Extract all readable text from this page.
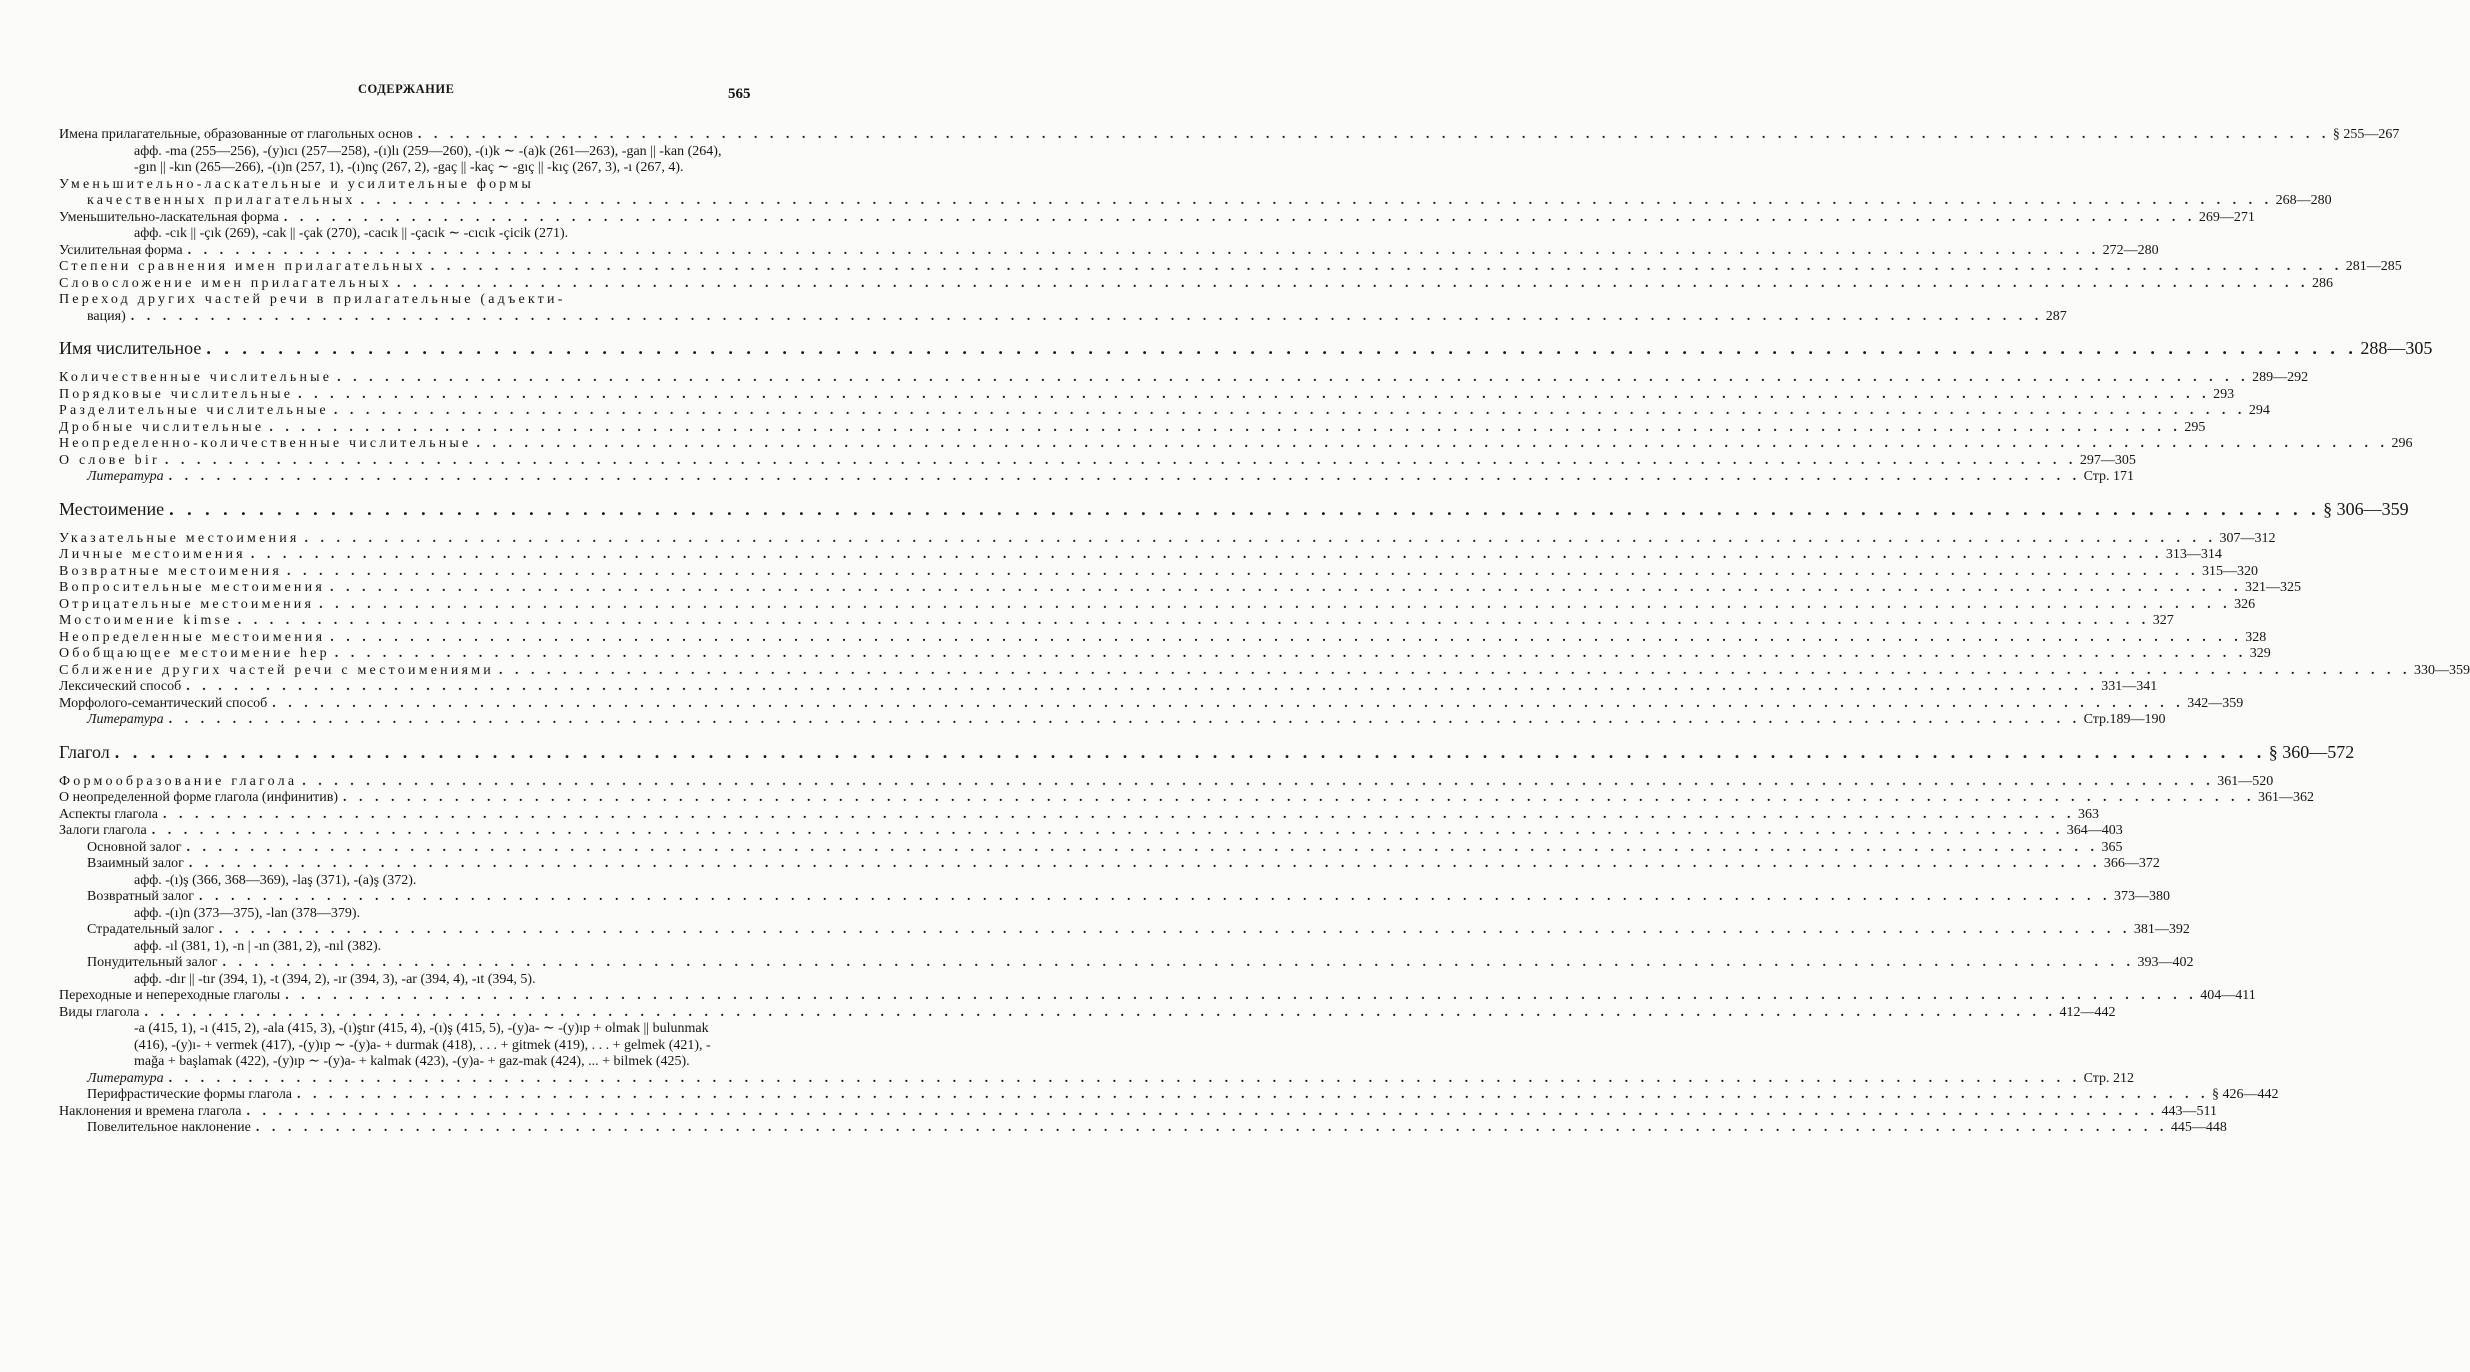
СОДЕРЖАНИЕ	565
Имена прилагательные, образованные от глагольных основ . . . . . . . . . . . . . . . . . . . . . . . . . . . . . . . . . . . . . . . . . . . . . . . . . . . . . . . . . . . . . . . . . . . . . . . . . . . . . . . . . . . . . . . . . . . . . . . . . . . . . . . . . . . . . . . . . . . . . . . . § 255—267
афф. -ma (255—256), -(y)ıcı (257—258), -(ı)lı (259—260), -(ı)k ∼ -(a)k (261—263), -gan || -kan (264), -gın || -kın (265—266), -(ı)n (257, 1), -(ı)nç (267, 2), -gaç || -kaç ∼ -gıç || -kıç (267, 3), -ı (267, 4).
Уменьшительно-ласкательные и усилительные формы
качественных прилагательных . . . . . . . . . . . . . . . . . . . . . . . . . . . . . . . . . . . . . . . . . . . . . . . . . . . . . . . . . . . . . . . . . . . . . . . . . . . . . . . . . . . . . . . . . . . . . . . . . . . . . . . . . . . . . . . . . . . . . . . . 268—280
Уменьшительно-ласкательная форма . . . . . . . . . . . . . . . . . . . . . . . . . . . . . . . . . . . . . . . . . . . . . . . . . . . . . . . . . . . . . . . . . . . . . . . . . . . . . . . . . . . . . . . . . . . . . . . . . . . . . . . . . . . . . . . . . . . . . . . . 269—271
афф. -cık || -çık (269), -cak || -çak (270), -cacık || -çacık ∼ -cıcık -çicik (271).
Усилительная форма . . . . . . . . . . . . . . . . . . . . . . . . . . . . . . . . . . . . . . . . . . . . . . . . . . . . . . . . . . . . . . . . . . . . . . . . . . . . . . . . . . . . . . . . . . . . . . . . . . . . . . . . . . . . . . . . . . . . . . . . 272—280
Степени сравнения имен прилагательных . . . . . . . . . . . . . . . . . . . . . . . . . . . . . . . . . . . . . . . . . . . . . . . . . . . . . . . . . . . . . . . . . . . . . . . . . . . . . . . . . . . . . . . . . . . . . . . . . . . . . . . . . . . . . . . . . . . . . . . . 281—285
Словосложение имен прилагательных . . . . . . . . . . . . . . . . . . . . . . . . . . . . . . . . . . . . . . . . . . . . . . . . . . . . . . . . . . . . . . . . . . . . . . . . . . . . . . . . . . . . . . . . . . . . . . . . . . . . . . . . . . . . . . . . . . . . . . . . 286
Переход других частей речи в прилагательные (адъекти-
вация) . . . . . . . . . . . . . . . . . . . . . . . . . . . . . . . . . . . . . . . . . . . . . . . . . . . . . . . . . . . . . . . . . . . . . . . . . . . . . . . . . . . . . . . . . . . . . . . . . . . . . . . . . . . . . . . . . . . . . . . . 287
Имя числительное . . . . . . . . . . . . . . . . . . . . . . . . . . . . . . . . . . . . . . . . . . . . . . . . . . . . . . . . . . . . . . . . . . . . . . . . . . . . . . . . . . . . . . . . . . . . . . . . . . . . . . . . . . . . . . . . . . . . . . . . 288—305
Количественные числительные . . . . . . . . . . . . . . . . . . . . . . . . . . . . . . . . . . . . . . . . . . . . . . . . . . . . . . . . . . . . . . . . . . . . . . . . . . . . . . . . . . . . . . . . . . . . . . . . . . . . . . . . . . . . . . . . . . . . . . . . 289—292
Порядковые числительные . . . . . . . . . . . . . . . . . . . . . . . . . . . . . . . . . . . . . . . . . . . . . . . . . . . . . . . . . . . . . . . . . . . . . . . . . . . . . . . . . . . . . . . . . . . . . . . . . . . . . . . . . . . . . . . . . . . . . . . . 293
Разделительные числительные . . . . . . . . . . . . . . . . . . . . . . . . . . . . . . . . . . . . . . . . . . . . . . . . . . . . . . . . . . . . . . . . . . . . . . . . . . . . . . . . . . . . . . . . . . . . . . . . . . . . . . . . . . . . . . . . . . . . . . . . 294
Дробные числительные . . . . . . . . . . . . . . . . . . . . . . . . . . . . . . . . . . . . . . . . . . . . . . . . . . . . . . . . . . . . . . . . . . . . . . . . . . . . . . . . . . . . . . . . . . . . . . . . . . . . . . . . . . . . . . . . . . . . . . . . 295
Неопределенно-количественные числительные . . . . . . . . . . . . . . . . . . . . . . . . . . . . . . . . . . . . . . . . . . . . . . . . . . . . . . . . . . . . . . . . . . . . . . . . . . . . . . . . . . . . . . . . . . . . . . . . . . . . . . . . . . . . . . . . . . . . . . . . 296
О слове bir . . . . . . . . . . . . . . . . . . . . . . . . . . . . . . . . . . . . . . . . . . . . . . . . . . . . . . . . . . . . . . . . . . . . . . . . . . . . . . . . . . . . . . . . . . . . . . . . . . . . . . . . . . . . . . . . . . . . . . . . 297—305
Литература . . . . . . . . . . . . . . . . . . . . . . . . . . . . . . . . . . . . . . . . . . . . . . . . . . . . . . . . . . . . . . . . . . . . . . . . . . . . . . . . . . . . . . . . . . . . . . . . . . . . . . . . . . . . . . . . . . . . . . . . Стр. 171
Местоимение . . . . . . . . . . . . . . . . . . . . . . . . . . . . . . . . . . . . . . . . . . . . . . . . . . . . . . . . . . . . . . . . . . . . . . . . . . . . . . . . . . . . . . . . . . . . . . . . . . . . . . . . . . . . . . . . . . . . . . . . § 306—359
Указательные местоимения . . . . . . . . . . . . . . . . . . . . . . . . . . . . . . . . . . . . . . . . . . . . . . . . . . . . . . . . . . . . . . . . . . . . . . . . . . . . . . . . . . . . . . . . . . . . . . . . . . . . . . . . . . . . . . . . . . . . . . . . 307—312
Личные местоимения . . . . . . . . . . . . . . . . . . . . . . . . . . . . . . . . . . . . . . . . . . . . . . . . . . . . . . . . . . . . . . . . . . . . . . . . . . . . . . . . . . . . . . . . . . . . . . . . . . . . . . . . . . . . . . . . . . . . . . . . 313—314
Возвратные местоимения . . . . . . . . . . . . . . . . . . . . . . . . . . . . . . . . . . . . . . . . . . . . . . . . . . . . . . . . . . . . . . . . . . . . . . . . . . . . . . . . . . . . . . . . . . . . . . . . . . . . . . . . . . . . . . . . . . . . . . . . 315—320
Вопросительные местоимения . . . . . . . . . . . . . . . . . . . . . . . . . . . . . . . . . . . . . . . . . . . . . . . . . . . . . . . . . . . . . . . . . . . . . . . . . . . . . . . . . . . . . . . . . . . . . . . . . . . . . . . . . . . . . . . . . . . . . . . . 321—325
Отрицательные местоимения . . . . . . . . . . . . . . . . . . . . . . . . . . . . . . . . . . . . . . . . . . . . . . . . . . . . . . . . . . . . . . . . . . . . . . . . . . . . . . . . . . . . . . . . . . . . . . . . . . . . . . . . . . . . . . . . . . . . . . . . 326
Мостоимение kimse . . . . . . . . . . . . . . . . . . . . . . . . . . . . . . . . . . . . . . . . . . . . . . . . . . . . . . . . . . . . . . . . . . . . . . . . . . . . . . . . . . . . . . . . . . . . . . . . . . . . . . . . . . . . . . . . . . . . . . . . 327
Неопределенные местоимения . . . . . . . . . . . . . . . . . . . . . . . . . . . . . . . . . . . . . . . . . . . . . . . . . . . . . . . . . . . . . . . . . . . . . . . . . . . . . . . . . . . . . . . . . . . . . . . . . . . . . . . . . . . . . . . . . . . . . . . . 328
Обобщающее местоимение hep . . . . . . . . . . . . . . . . . . . . . . . . . . . . . . . . . . . . . . . . . . . . . . . . . . . . . . . . . . . . . . . . . . . . . . . . . . . . . . . . . . . . . . . . . . . . . . . . . . . . . . . . . . . . . . . . . . . . . . . . 329
Сближение других частей речи с местоимениями . . . . . . . . . . . . . . . . . . . . . . . . . . . . . . . . . . . . . . . . . . . . . . . . . . . . . . . . . . . . . . . . . . . . . . . . . . . . . . . . . . . . . . . . . . . . . . . . . . . . . . . . . . . . . . . . . . . . . . . . 330—359
Лексический способ . . . . . . . . . . . . . . . . . . . . . . . . . . . . . . . . . . . . . . . . . . . . . . . . . . . . . . . . . . . . . . . . . . . . . . . . . . . . . . . . . . . . . . . . . . . . . . . . . . . . . . . . . . . . . . . . . . . . . . . . 331—341
Морфолого-семантический способ . . . . . . . . . . . . . . . . . . . . . . . . . . . . . . . . . . . . . . . . . . . . . . . . . . . . . . . . . . . . . . . . . . . . . . . . . . . . . . . . . . . . . . . . . . . . . . . . . . . . . . . . . . . . . . . . . . . . . . . . 342—359
Литература . . . . . . . . . . . . . . . . . . . . . . . . . . . . . . . . . . . . . . . . . . . . . . . . . . . . . . . . . . . . . . . . . . . . . . . . . . . . . . . . . . . . . . . . . . . . . . . . . . . . . . . . . . . . . . . . . . . . . . . . Стр.189—190
Глагол . . . . . . . . . . . . . . . . . . . . . . . . . . . . . . . . . . . . . . . . . . . . . . . . . . . . . . . . . . . . . . . . . . . . . . . . . . . . . . . . . . . . . . . . . . . . . . . . . . . . . . . . . . . . . . . . . . . . . . . . § 360—572
Формообразование глагола . . . . . . . . . . . . . . . . . . . . . . . . . . . . . . . . . . . . . . . . . . . . . . . . . . . . . . . . . . . . . . . . . . . . . . . . . . . . . . . . . . . . . . . . . . . . . . . . . . . . . . . . . . . . . . . . . . . . . . . . 361—520
О неопределенной форме глагола (инфинитив) . . . . . . . . . . . . . . . . . . . . . . . . . . . . . . . . . . . . . . . . . . . . . . . . . . . . . . . . . . . . . . . . . . . . . . . . . . . . . . . . . . . . . . . . . . . . . . . . . . . . . . . . . . . . . . . . . . . . . . . . 361—362
Аспекты глагола . . . . . . . . . . . . . . . . . . . . . . . . . . . . . . . . . . . . . . . . . . . . . . . . . . . . . . . . . . . . . . . . . . . . . . . . . . . . . . . . . . . . . . . . . . . . . . . . . . . . . . . . . . . . . . . . . . . . . . . . 363
Залоги глагола . . . . . . . . . . . . . . . . . . . . . . . . . . . . . . . . . . . . . . . . . . . . . . . . . . . . . . . . . . . . . . . . . . . . . . . . . . . . . . . . . . . . . . . . . . . . . . . . . . . . . . . . . . . . . . . . . . . . . . . . 364—403
Основной залог . . . . . . . . . . . . . . . . . . . . . . . . . . . . . . . . . . . . . . . . . . . . . . . . . . . . . . . . . . . . . . . . . . . . . . . . . . . . . . . . . . . . . . . . . . . . . . . . . . . . . . . . . . . . . . . . . . . . . . . . 365
Взаимный залог . . . . . . . . . . . . . . . . . . . . . . . . . . . . . . . . . . . . . . . . . . . . . . . . . . . . . . . . . . . . . . . . . . . . . . . . . . . . . . . . . . . . . . . . . . . . . . . . . . . . . . . . . . . . . . . . . . . . . . . . 366—372
афф. -(ı)ş (366, 368—369), -laş (371), -(a)ş (372).
Возвратный залог . . . . . . . . . . . . . . . . . . . . . . . . . . . . . . . . . . . . . . . . . . . . . . . . . . . . . . . . . . . . . . . . . . . . . . . . . . . . . . . . . . . . . . . . . . . . . . . . . . . . . . . . . . . . . . . . . . . . . . . . 373—380
афф. -(ı)n (373—375), -lan (378—379).
Страдательный залог . . . . . . . . . . . . . . . . . . . . . . . . . . . . . . . . . . . . . . . . . . . . . . . . . . . . . . . . . . . . . . . . . . . . . . . . . . . . . . . . . . . . . . . . . . . . . . . . . . . . . . . . . . . . . . . . . . . . . . . . 381—392
афф. -ıl (381, 1), -n | -ın (381, 2), -nıl (382).
Понудительный залог . . . . . . . . . . . . . . . . . . . . . . . . . . . . . . . . . . . . . . . . . . . . . . . . . . . . . . . . . . . . . . . . . . . . . . . . . . . . . . . . . . . . . . . . . . . . . . . . . . . . . . . . . . . . . . . . . . . . . . . . 393—402
афф. -dır || -tır (394, 1), -t (394, 2), -ır (394, 3), -ar (394, 4), -ıt (394, 5).
Переходные и непереходные глаголы . . . . . . . . . . . . . . . . . . . . . . . . . . . . . . . . . . . . . . . . . . . . . . . . . . . . . . . . . . . . . . . . . . . . . . . . . . . . . . . . . . . . . . . . . . . . . . . . . . . . . . . . . . . . . . . . . . . . . . . . 404—411
Виды глагола . . . . . . . . . . . . . . . . . . . . . . . . . . . . . . . . . . . . . . . . . . . . . . . . . . . . . . . . . . . . . . . . . . . . . . . . . . . . . . . . . . . . . . . . . . . . . . . . . . . . . . . . . . . . . . . . . . . . . . . . 412—442
-a (415, 1), -ı (415, 2), -ala (415, 3), -(ı)ştır (415, 4), -(ı)ş (415, 5), -(y)a- ∼ -(y)ıp + olmak || bulunmak (416), -(y)ı- + vermek (417), -(y)ıp ∼ -(y)a- + durmak (418), . . . + gitmek (419), . . . + gelmek (421), -mağa + başlamak (422), -(y)ıp ∼ -(y)a- + kalmak (423), -(y)a- + gaz-mak (424), ... + bilmek (425).
Литература . . . . . . . . . . . . . . . . . . . . . . . . . . . . . . . . . . . . . . . . . . . . . . . . . . . . . . . . . . . . . . . . . . . . . . . . . . . . . . . . . . . . . . . . . . . . . . . . . . . . . . . . . . . . . . . . . . . . . . . . Стр. 212
Перифрастические формы глагола . . . . . . . . . . . . . . . . . . . . . . . . . . . . . . . . . . . . . . . . . . . . . . . . . . . . . . . . . . . . . . . . . . . . . . . . . . . . . . . . . . . . . . . . . . . . . . . . . . . . . . . . . . . . . . . . . . . . . . . . § 426—442
Наклонения и времена глагола . . . . . . . . . . . . . . . . . . . . . . . . . . . . . . . . . . . . . . . . . . . . . . . . . . . . . . . . . . . . . . . . . . . . . . . . . . . . . . . . . . . . . . . . . . . . . . . . . . . . . . . . . . . . . . . . . . . . . . . . 443—511
Повелительное наклонение . . . . . . . . . . . . . . . . . . . . . . . . . . . . . . . . . . . . . . . . . . . . . . . . . . . . . . . . . . . . . . . . . . . . . . . . . . . . . . . . . . . . . . . . . . . . . . . . . . . . . . . . . . . . . . . . . . . . . . . . 445—448
